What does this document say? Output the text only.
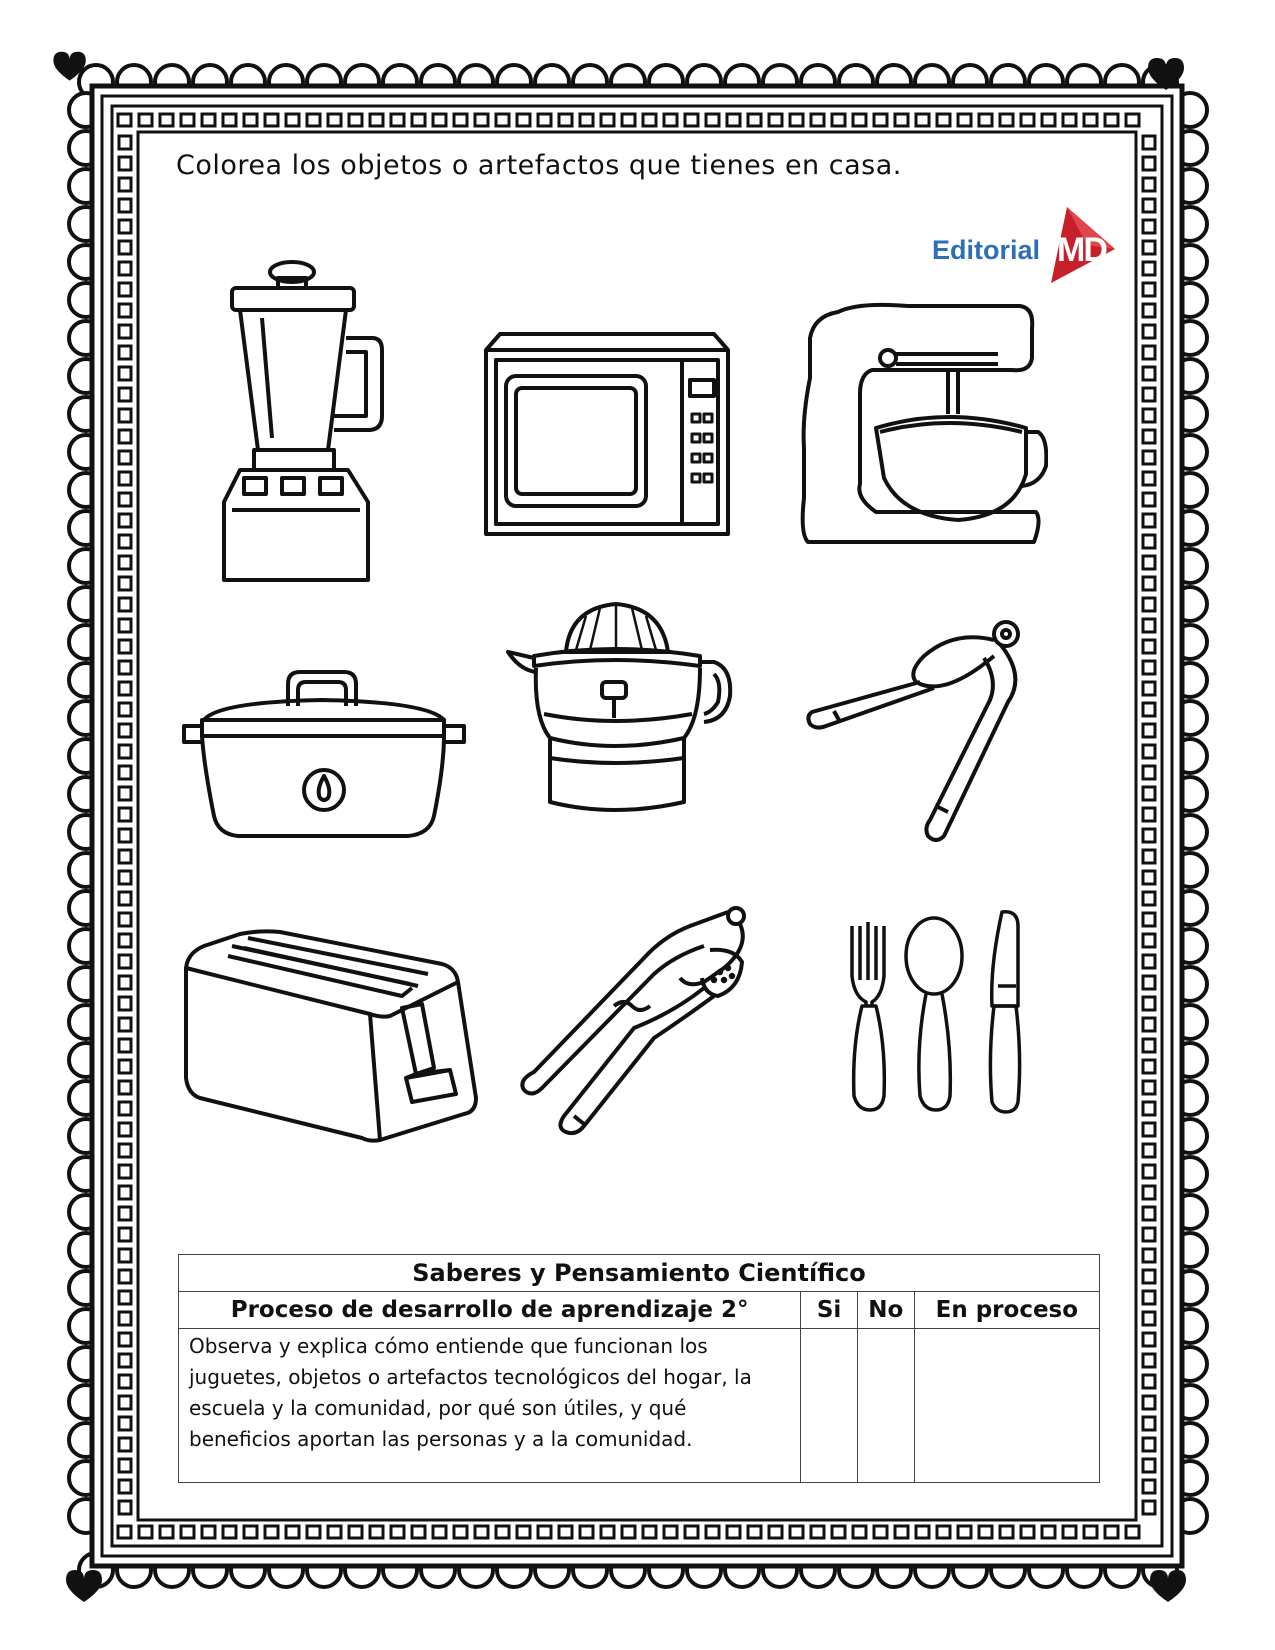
Colorea los objetos o artefactos que tienes en casa.
Editorial MD
Saberes y Pensamiento Científico			
Proceso de desarrollo de aprendizaje 2°	Si	No	En proceso
Observa y explica cómo entiende que funcionan los juguetes, objetos o artefactos tecnológicos del hogar, la escuela y la comunidad, por qué son útiles, y qué beneficios aportan las personas y a la comunidad.			
